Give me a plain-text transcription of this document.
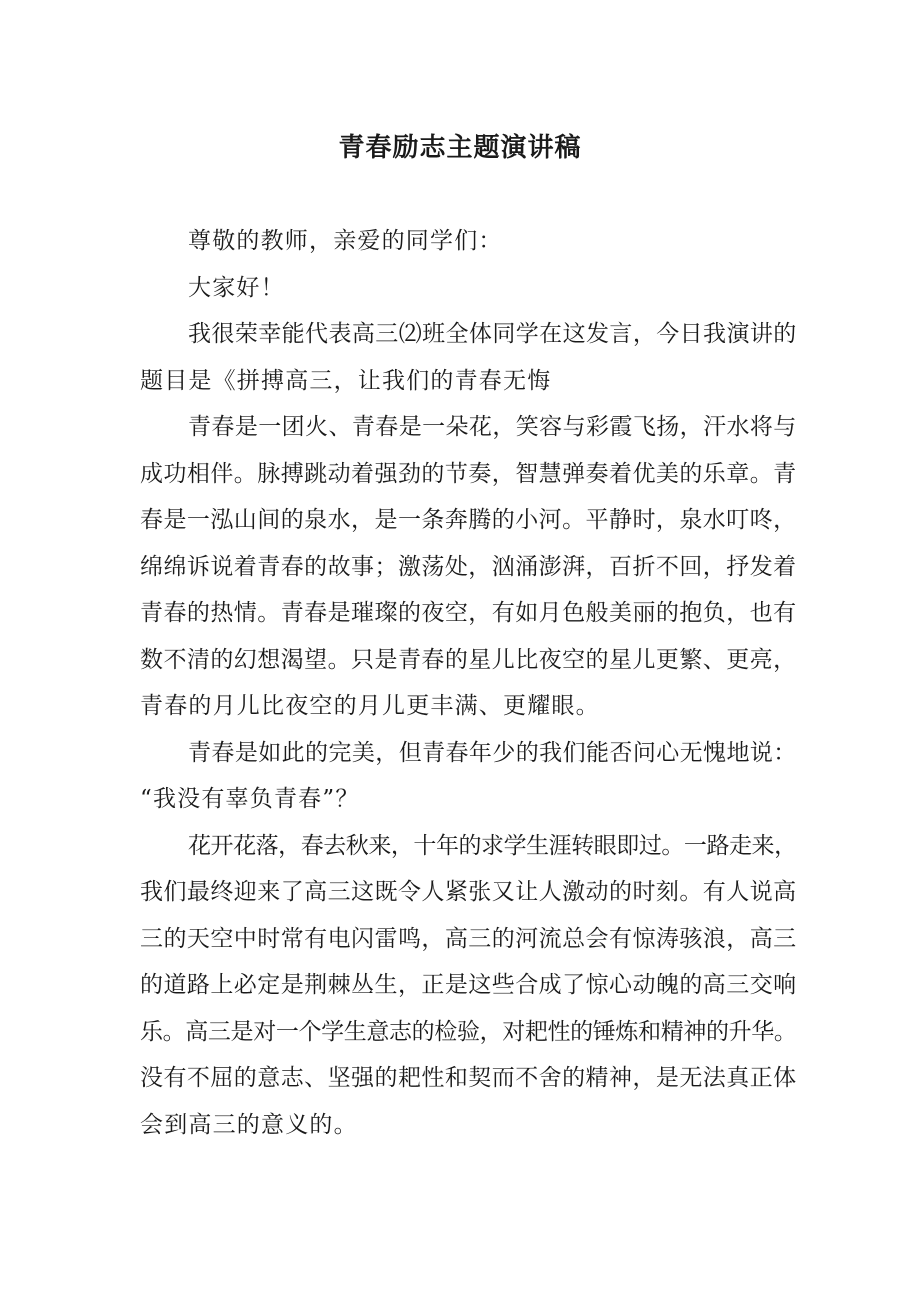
青春励志主题演讲稿
尊敬的教师，亲爱的同学们：
大家好！
我很荣幸能代表高三⑵班全体同学在这发言，今日我演讲的
题目是《拼搏高三，让我们的青春无悔
青春是一团火、青春是一朵花，笑容与彩霞飞扬，汗水将与
成功相伴。脉搏跳动着强劲的节奏，智慧弹奏着优美的乐章。青
春是一泓山间的泉水，是一条奔腾的小河。平静时，泉水叮咚，
绵绵诉说着青春的故事；激荡处，汹涌澎湃，百折不回，抒发着
青春的热情。青春是璀璨的夜空，有如月色般美丽的抱负，也有
数不清的幻想渴望。只是青春的星儿比夜空的星儿更繁、更亮，
青春的月儿比夜空的月儿更丰满、更耀眼。
青春是如此的完美，但青春年少的我们能否问心无愧地说：
“我没有辜负青春”？
花开花落，春去秋来，十年的求学生涯转眼即过。一路走来，
我们最终迎来了高三这既令人紧张又让人激动的时刻。有人说高
三的天空中时常有电闪雷鸣，高三的河流总会有惊涛骇浪，高三
的道路上必定是荆棘丛生，正是这些合成了惊心动魄的高三交响
乐。高三是对一个学生意志的检验，对耙性的锤炼和精神的升华。
没有不屈的意志、坚强的耙性和契而不舍的精神，是无法真正体
会到高三的意义的。
